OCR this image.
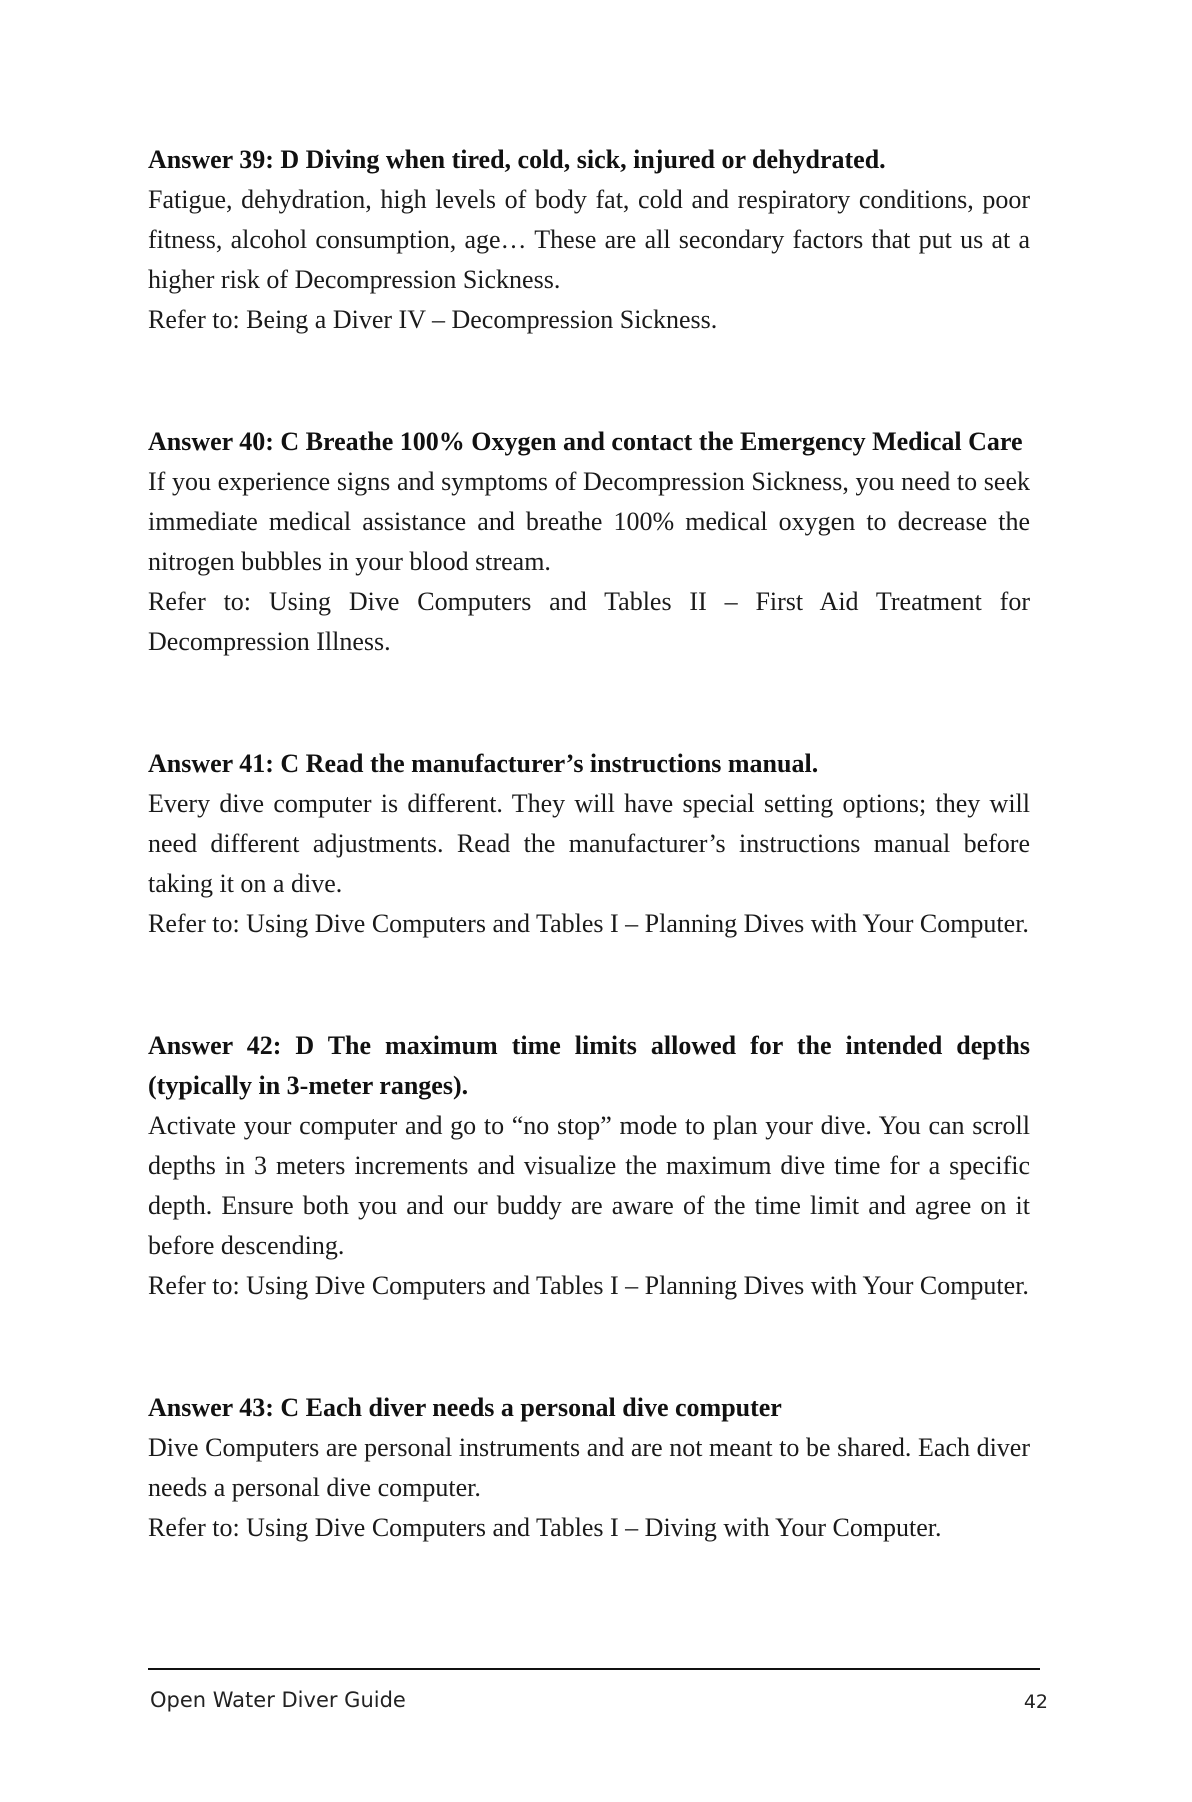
Answer 39: D Diving when tired, cold, sick, injured or dehydrated.

Fatigue, dehydration, high levels of body fat, cold and respiratory conditions, poor fitness, alcohol consumption, age… These are all secondary factors that put us at a higher risk of Decompression Sickness.

Refer to: Being a Diver IV – Decompression Sickness.

Answer 40: C Breathe 100% Oxygen and contact the Emergency Medical Care

If you experience signs and symptoms of Decompression Sickness, you need to seek immediate medical assistance and breathe 100% medical oxygen to decrease the nitrogen bubbles in your blood stream.

Refer to: Using Dive Computers and Tables II – First Aid Treatment for Decompression Illness.

Answer 41: C Read the manufacturer’s instructions manual.

Every dive computer is different. They will have special setting options; they will need different adjustments. Read the manufacturer’s instructions manual before taking it on a dive.

Refer to: Using Dive Computers and Tables I – Planning Dives with Your Computer.

Answer 42: D The maximum time limits allowed for the intended depths (typically in 3-meter ranges).

Activate your computer and go to “no stop” mode to plan your dive. You can scroll depths in 3 meters increments and visualize the maximum dive time for a specific depth. Ensure both you and our buddy are aware of the time limit and agree on it before descending.

Refer to: Using Dive Computers and Tables I – Planning Dives with Your Computer.

Answer 43: C Each diver needs a personal dive computer

Dive Computers are personal instruments and are not meant to be shared. Each diver needs a personal dive computer.

Refer to: Using Dive Computers and Tables I – Diving with Your Computer.

Open Water Diver Guide	42
